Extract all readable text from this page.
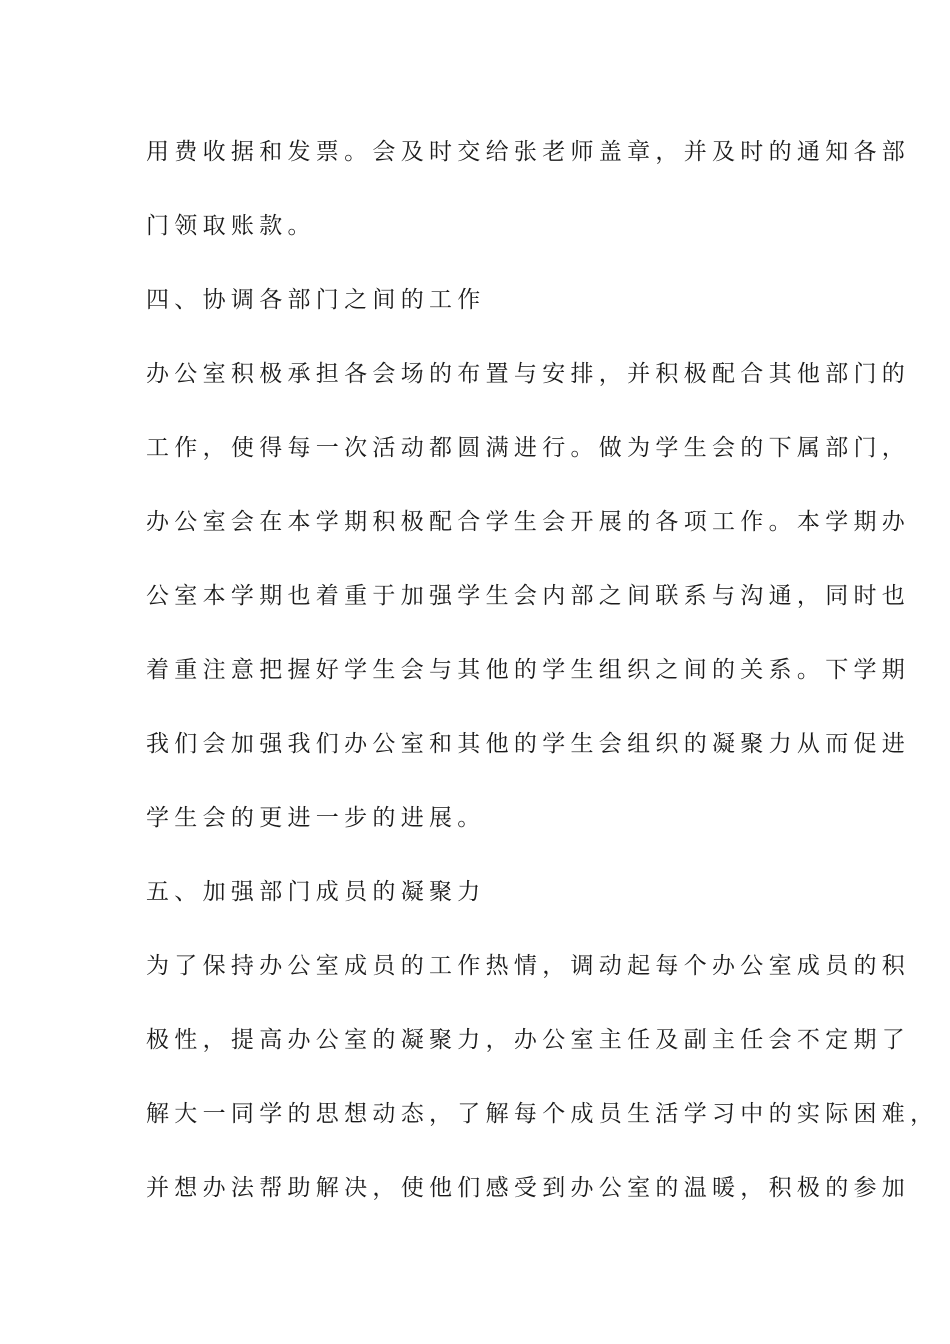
用费收据和发票。会及时交给张老师盖章，并及时的通知各部

门领取账款。

四、协调各部门之间的工作

办公室积极承担各会场的布置与安排，并积极配合其他部门的

工作，使得每一次活动都圆满进行。做为学生会的下属部门，

办公室会在本学期积极配合学生会开展的各项工作。本学期办

公室本学期也着重于加强学生会内部之间联系与沟通，同时也

着重注意把握好学生会与其他的学生组织之间的关系。下学期

我们会加强我们办公室和其他的学生会组织的凝聚力从而促进

学生会的更进一步的进展。

五、加强部门成员的凝聚力

为了保持办公室成员的工作热情，调动起每个办公室成员的积

极性，提高办公室的凝聚力，办公室主任及副主任会不定期了

解大一同学的思想动态，了解每个成员生活学习中的实际困难，

并想办法帮助解决，使他们感受到办公室的温暖，积极的参加
